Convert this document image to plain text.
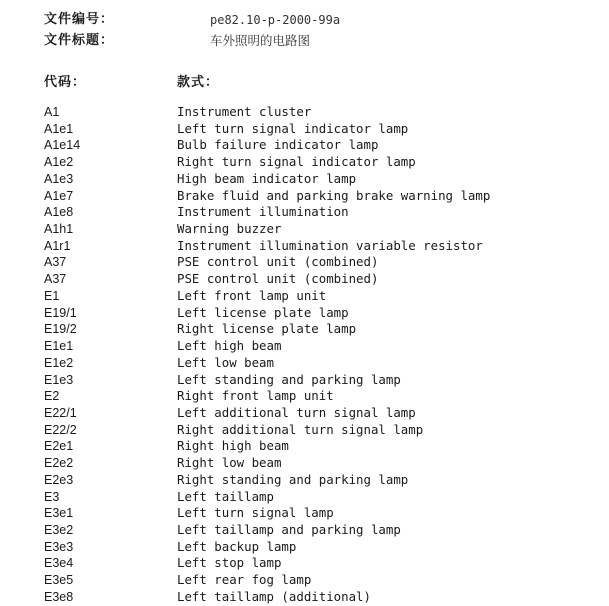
文件编号：	pe82.10-p-2000-99a
文件标题：	车外照明的电路图
代码：	款式：
A1	Instrument cluster
A1e1	Left turn signal indicator lamp
A1e14	Bulb failure indicator lamp
A1e2	Right turn signal indicator lamp
A1e3	High beam indicator lamp
A1e7	Brake fluid and parking brake warning lamp
A1e8	Instrument illumination
A1h1	Warning buzzer
A1r1	Instrument illumination variable resistor
A37	PSE control unit (combined)
A37	PSE control unit (combined)
E1	Left front lamp unit
E19/1	Left license plate lamp
E19/2	Right license plate lamp
E1e1	Left high beam
E1e2	Left low beam
E1e3	Left standing and parking lamp
E2	Right front lamp unit
E22/1	Left additional turn signal lamp
E22/2	Right additional turn signal lamp
E2e1	Right high beam
E2e2	Right low beam
E2e3	Right standing and parking lamp
E3	Left taillamp
E3e1	Left turn signal lamp
E3e2	Left taillamp and parking lamp
E3e3	Left backup lamp
E3e4	Left stop lamp
E3e5	Left rear fog lamp
E3e8	Left taillamp (additional)
